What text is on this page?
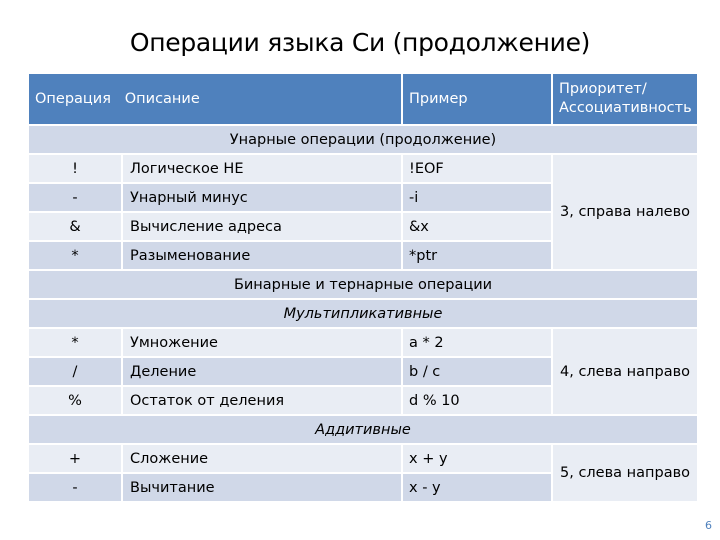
Операции языка Си (продолжение)
Операция Описание		Пример	Приоритет/
Ассоциативность
Унарные операции (продолжение)			
!	Логическое НЕ	!EOF	3, справа налево
-	Унарный минус	-i	
&	Вычисление адреса	&x	
*	Разыменование	*ptr	
Бинарные и тернарные операции			
Мультипликативные			
*	Умножение	a * 2	4, слева направо
/	Деление	b / c	
%	Остаток от деления	d % 10	
Аддитивные			
+	Сложение	x + y	5, слева направо
-	Вычитание	x - y	
6
